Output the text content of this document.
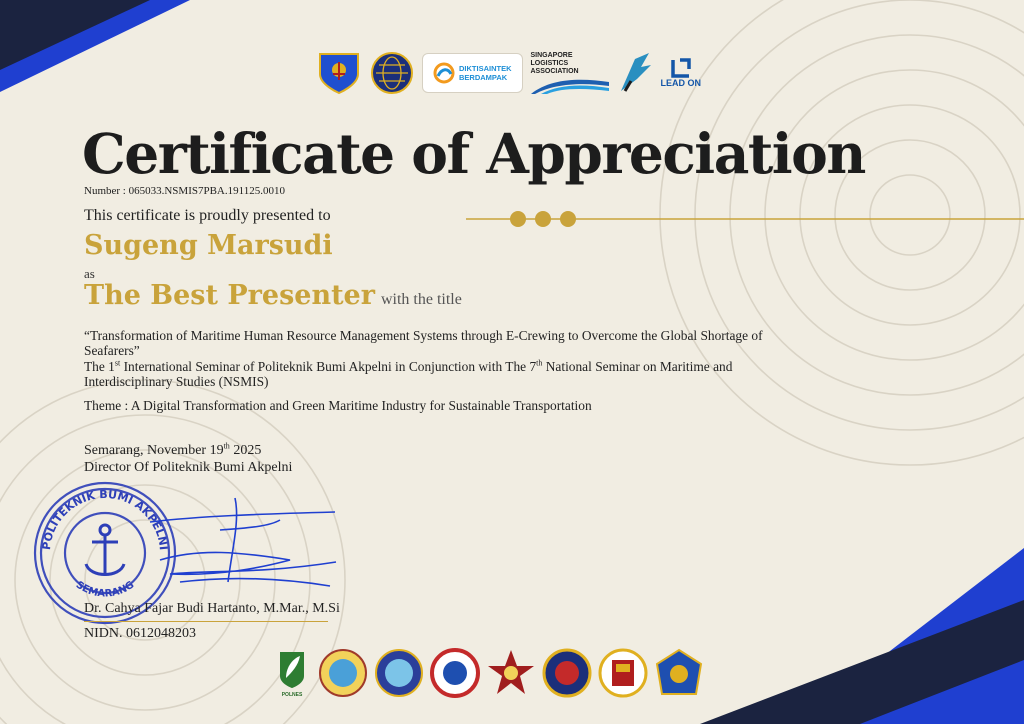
DIKTISAINTEK
BERDAMPAK
SINGAPORE
LOGISTICS
ASSOCIATION
LEAD ON
Certificate of Appreciation
Number : 065033.NSMIS7PBA.191125.0010
This certificate is proudly presented to
Sugeng Marsudi
as
The Best Presenter with the title
“Transformation of Maritime Human Resource Management Systems through E-Crewing to Overcome the Global Shortage of Seafarers”
The 1st International Seminar of Politeknik Bumi Akpelni in Conjunction with The 7th National Seminar on Maritime and Interdisciplinary Studies (NSMIS)
Theme : A Digital Transformation and Green Maritime Industry for Sustainable Transportation
Semarang, November 19th 2025
Director Of Politeknik Bumi Akpelni
POLITEKNIK BUMI AKPELNI
SEMARANG
Dr. Cahya Fajar Budi Hartanto, M.Mar., M.Si
NIDN. 0612048203
POLNES
